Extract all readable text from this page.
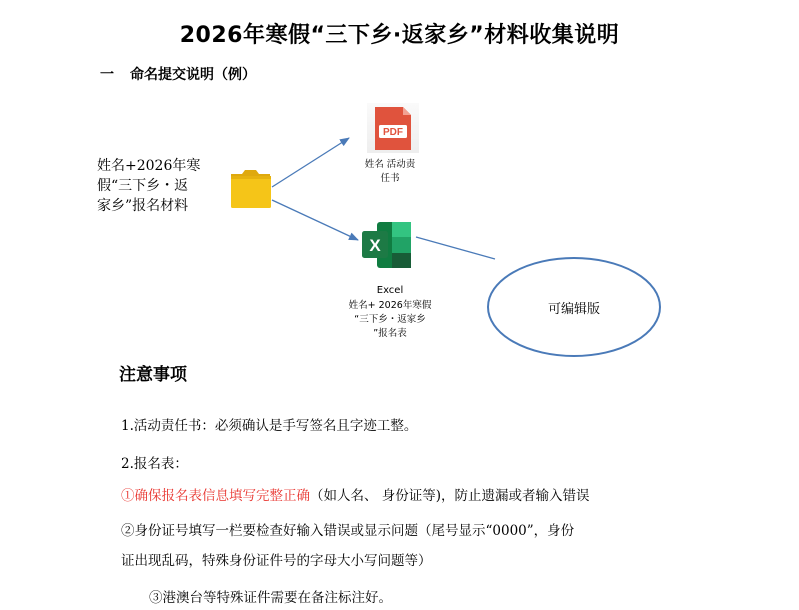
2026年寒假“三下乡·返家乡”材料收集说明
一 命名提交说明（例）
PDF
X
姓名+2026年寒
假“三下乡・返
家乡”报名材料
姓名 活动责
任书
Excel
姓名+ 2026年寒假
“三下乡・返家乡
”报名表
可编辑版
注意事项
1.活动责任书：必须确认是手写签名且字迹工整。
2.报名表：
①确保报名表信息填写完整正确（如人名、 身份证等)，防止遗漏或者输入错误
②身份证号填写一栏要检查好输入错误或显示问题（尾号显示“0000”，身份
证出现乱码，特殊身份证件号的字母大小写问题等）
③港澳台等特殊证件需要在备注标注好。
